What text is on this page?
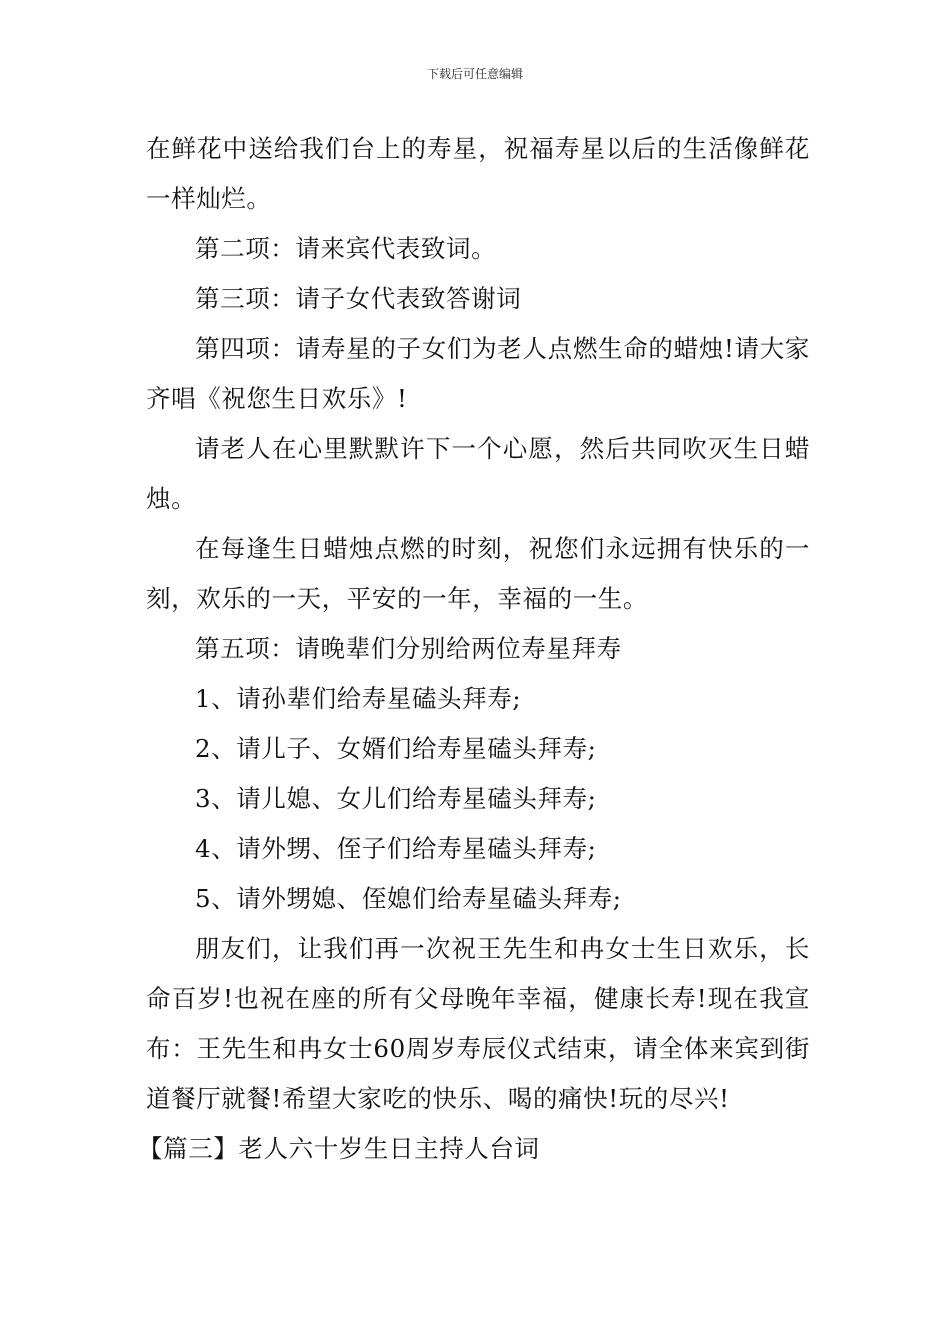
下载后可任意编辑

在鲜花中送给我们台上的寿星，祝福寿星以后的生活像鲜花一样灿烂。

第二项：请来宾代表致词。

第三项：请子女代表致答谢词

第四项：请寿星的子女们为老人点燃生命的蜡烛!请大家齐唱《祝您生日欢乐》!

请老人在心里默默许下一个心愿，然后共同吹灭生日蜡烛。

在每逢生日蜡烛点燃的时刻，祝您们永远拥有快乐的一刻，欢乐的一天，平安的一年，幸福的一生。

第五项：请晚辈们分别给两位寿星拜寿

1、请孙辈们给寿星磕头拜寿;

2、请儿子、女婿们给寿星磕头拜寿;

3、请儿媳、女儿们给寿星磕头拜寿;

4、请外甥、侄子们给寿星磕头拜寿;

5、请外甥媳、侄媳们给寿星磕头拜寿;

朋友们，让我们再一次祝王先生和冉女士生日欢乐，长命百岁!也祝在座的所有父母晚年幸福，健康长寿!现在我宣布：王先生和冉女士60周岁寿辰仪式结束，请全体来宾到街道餐厅就餐!希望大家吃的快乐、喝的痛快!玩的尽兴!

【篇三】老人六十岁生日主持人台词
